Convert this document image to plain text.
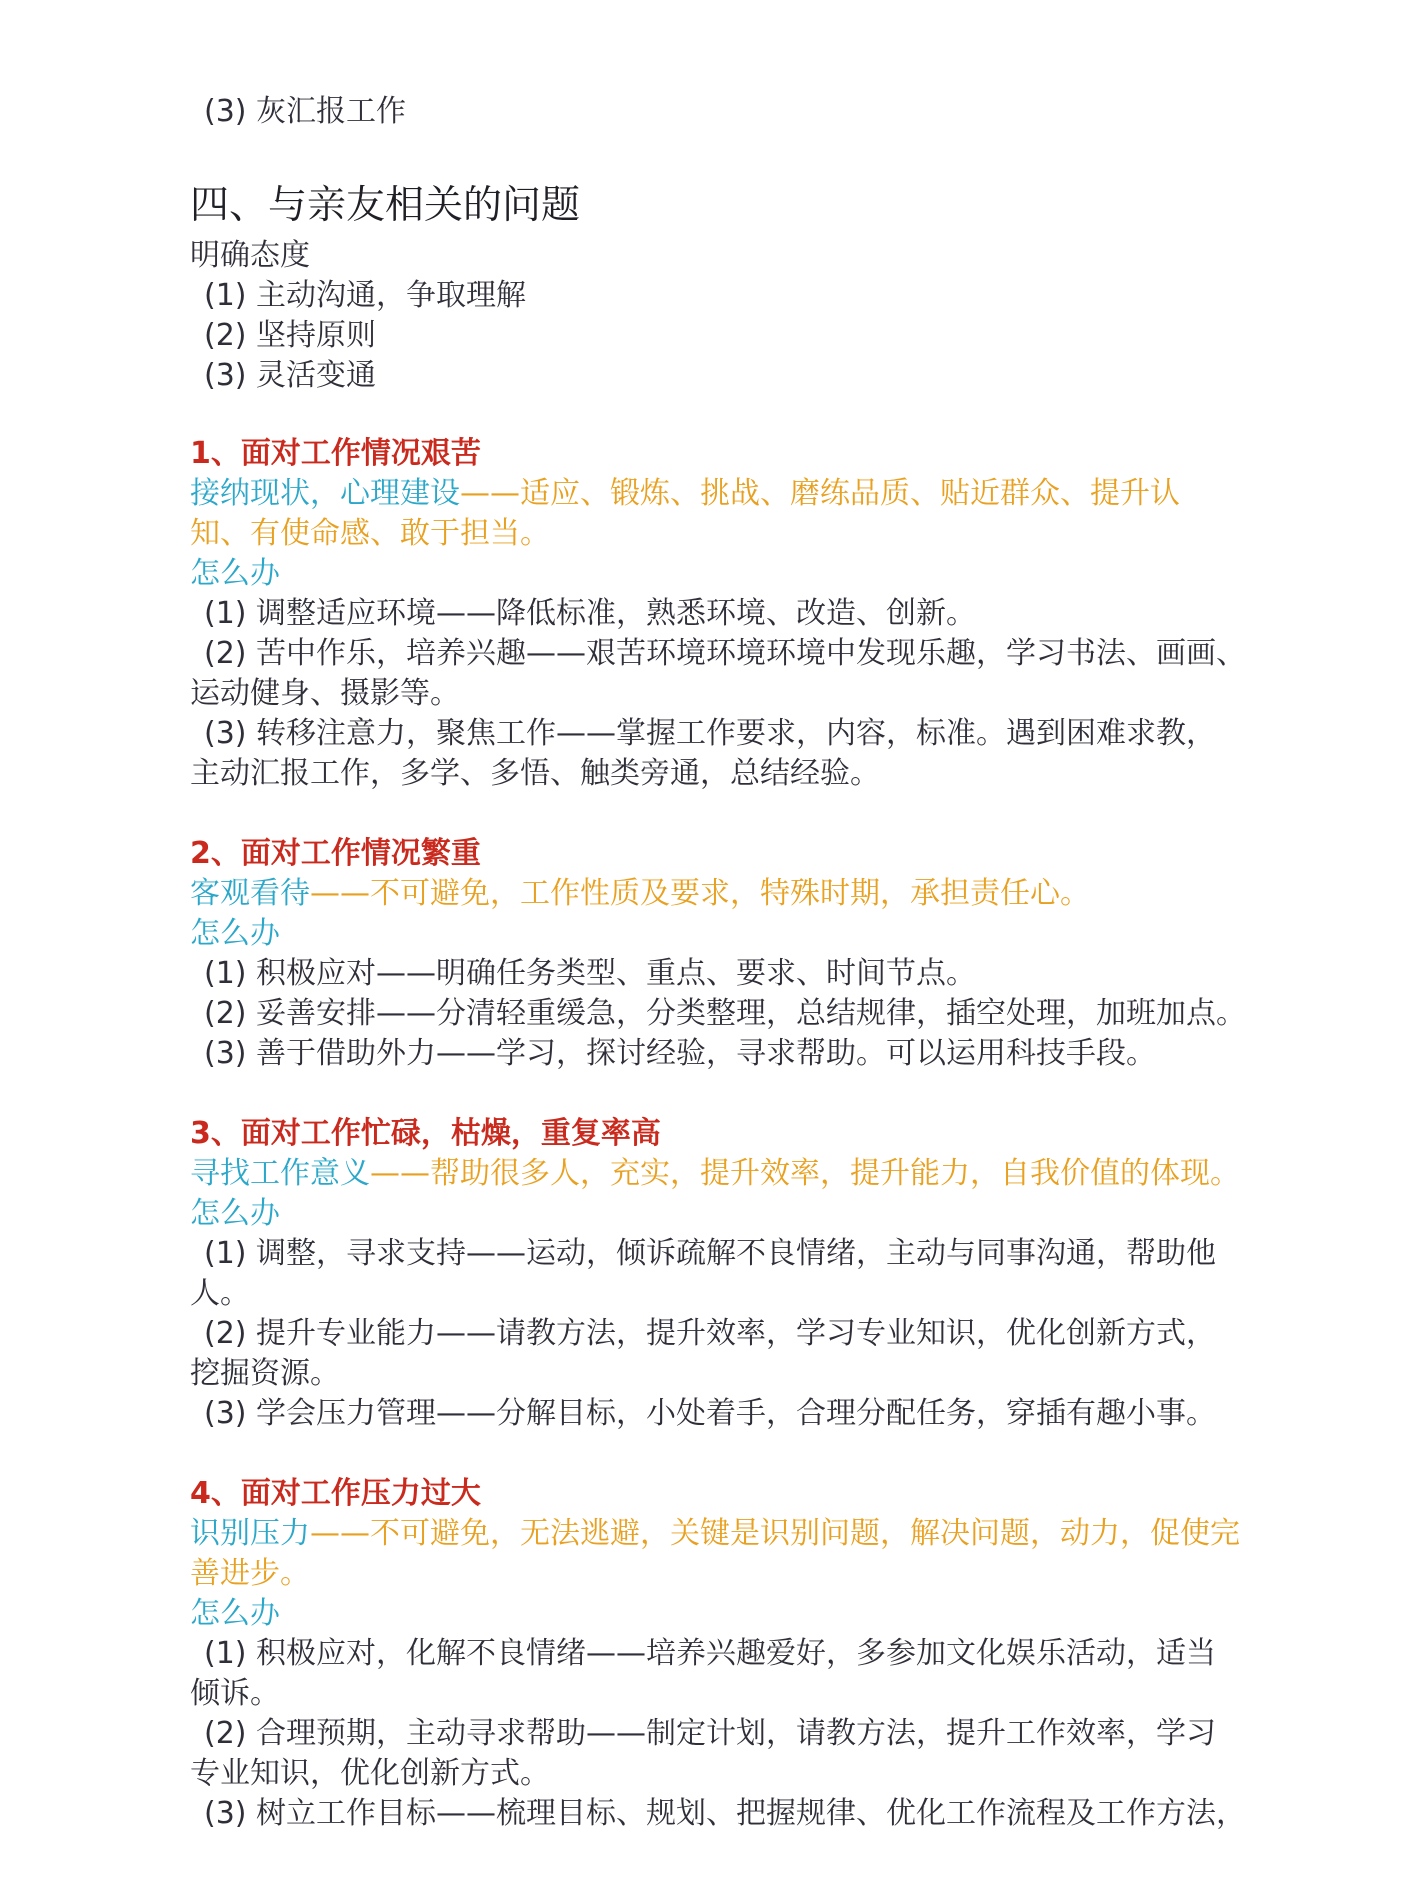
(3) 灰汇报工作
四、与亲友相关的问题
明确态度
(1) 主动沟通，争取理解
(2) 坚持原则
(3) 灵活变通
1、面对工作情况艰苦
接纳现状，心理建设——适应、锻炼、挑战、磨练品质、贴近群众、提升认
知、有使命感、敢于担当。
怎么办
(1) 调整适应环境——降低标准，熟悉环境、改造、创新。
(2) 苦中作乐，培养兴趣——艰苦环境环境环境中发现乐趣，学习书法、画画、
运动健身、摄影等。
(3) 转移注意力，聚焦工作——掌握工作要求，内容，标准。遇到困难求教，
主动汇报工作，多学、多悟、触类旁通，总结经验。
2、面对工作情况繁重
客观看待——不可避免，工作性质及要求，特殊时期，承担责任心。
怎么办
(1) 积极应对——明确任务类型、重点、要求、时间节点。
(2) 妥善安排——分清轻重缓急，分类整理，总结规律，插空处理，加班加点。
(3) 善于借助外力——学习，探讨经验，寻求帮助。可以运用科技手段。
3、面对工作忙碌，枯燥，重复率高
寻找工作意义——帮助很多人，充实，提升效率，提升能力，自我价值的体现。
怎么办
(1) 调整，寻求支持——运动，倾诉疏解不良情绪，主动与同事沟通，帮助他
人。
(2) 提升专业能力——请教方法，提升效率，学习专业知识，优化创新方式，
挖掘资源。
(3) 学会压力管理——分解目标，小处着手，合理分配任务，穿插有趣小事。
4、面对工作压力过大
识别压力——不可避免，无法逃避，关键是识别问题，解决问题，动力，促使完
善进步。
怎么办
(1) 积极应对，化解不良情绪——培养兴趣爱好，多参加文化娱乐活动，适当
倾诉。
(2) 合理预期，主动寻求帮助——制定计划，请教方法，提升工作效率，学习
专业知识，优化创新方式。
(3) 树立工作目标——梳理目标、规划、把握规律、优化工作流程及工作方法，
